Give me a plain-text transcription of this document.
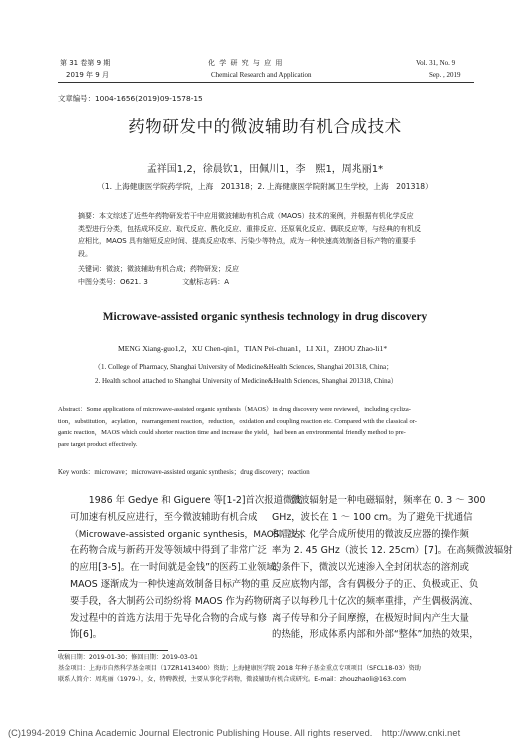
第 31 卷第 9 期
2019 年 9 月
化 学 研 究 与 应 用
Chemical Research and Application
Vol. 31, No. 9
Sep. , 2019
文章编号：1004-1656(2019)09-1578-15
药物研发中的微波辅助有机合成技术
孟祥国1,2，徐晨钦1，田佩川1，李　熙1，周兆丽1*
（1. 上海健康医学院药学院，上海　201318；2. 上海健康医学院附属卫生学校，上海　201318）
摘要：本文综述了近些年药物研发若干中应用微波辅助有机合成（MAOS）技术的案例，并根据有机化学反应
类型进行分类，包括成环反应、取代反应、酰化反应、重排反应、还原氧化反应、偶联反应等，与经典的有机反
应相比，MAOS 具有缩短反应时间、提高反应收率、污染少等特点，成为一种快速高效制备目标产物的重要手
段。
关键词：微波；微波辅助有机合成；药物研发；反应
中图分类号：O621. 3	文献标志码：A
Microwave-assisted organic synthesis technology in drug discovery
MENG Xiang-guo1,2，XU Chen-qin1，TIAN Pei-chuan1，LI Xi1，ZHOU Zhao-li1*
（1. College of Pharmacy, Shanghai University of Medicine&Health Sciences, Shanghai 201318, China；
2. Health school attached to Shanghai University of Medicine&Health Sciences, Shanghai 201318, China）
Abstract：Some applications of microwave-assisted organic synthesis（MAOS）in drug discovery were reviewed，including cycliza-
tion，substitution，acylation，rearrangement reaction，reduction，oxidation and coupling reaction etc. Compared with the classical or-
ganic reaction，MAOS which could shorter reaction time and increase the yield，had been an environmental friendly method to pre-
pare target product effectively.
Key words：microwave；microwave-assisted organic synthesis；drug discovery；reaction
　　1986 年 Gedye 和 Giguere 等[1-2]首次报道微波
可加速有机反应进行，至今微波辅助有机合成
（Microwave-assisted organic synthesis，MAOS）技术
在药物合成与新药开发等领域中得到了非常广泛
的应用[3-5]。在一时间就是金钱”的医药工业领域，
MAOS 逐渐成为一种快速高效制备目标产物的重
要手段，各大制药公司纷纷将 MAOS 作为药物研
发过程中的首选方法用于先导化合物的合成与修
饰[6]。
　　微波辐射是一种电磁辐射，频率在 0. 3 ～ 300
GHz，波长在 1 ～ 100 cm。为了避免干扰通信
和雷达，化学合成所使用的微波反应器的操作频
率为 2. 45 GHz（波长 12. 25cm）[7]。在高频微波辐射
的条件下，微波以光速渗入全封闭状态的溶剂或
反应底物内部，含有偶极分子的正、负极或正、负
离子以每秒几十亿次的频率重排，产生偶极涡流、
离子传导和分子间摩擦，在极短时间内产生大量
的热能，形成体系内部和外部“整体”加热的效果，
收稿日期：2019-01-30；修回日期：2019-03-01
基金项目：上海市自然科学基金项目（17ZR1413400）资助；上海健康医学院 2018 年种子基金重点专项项目（SFCL18-03）资助
联系人简介：周兆丽（1979-），女，特聘教授，主要从事化学药物，微波辅助有机合成研究。E-mail：zhouzhaoli@163.com
(C)1994-2019 China Academic Journal Electronic Publishing House. All rights reserved.　http://www.cnki.net
